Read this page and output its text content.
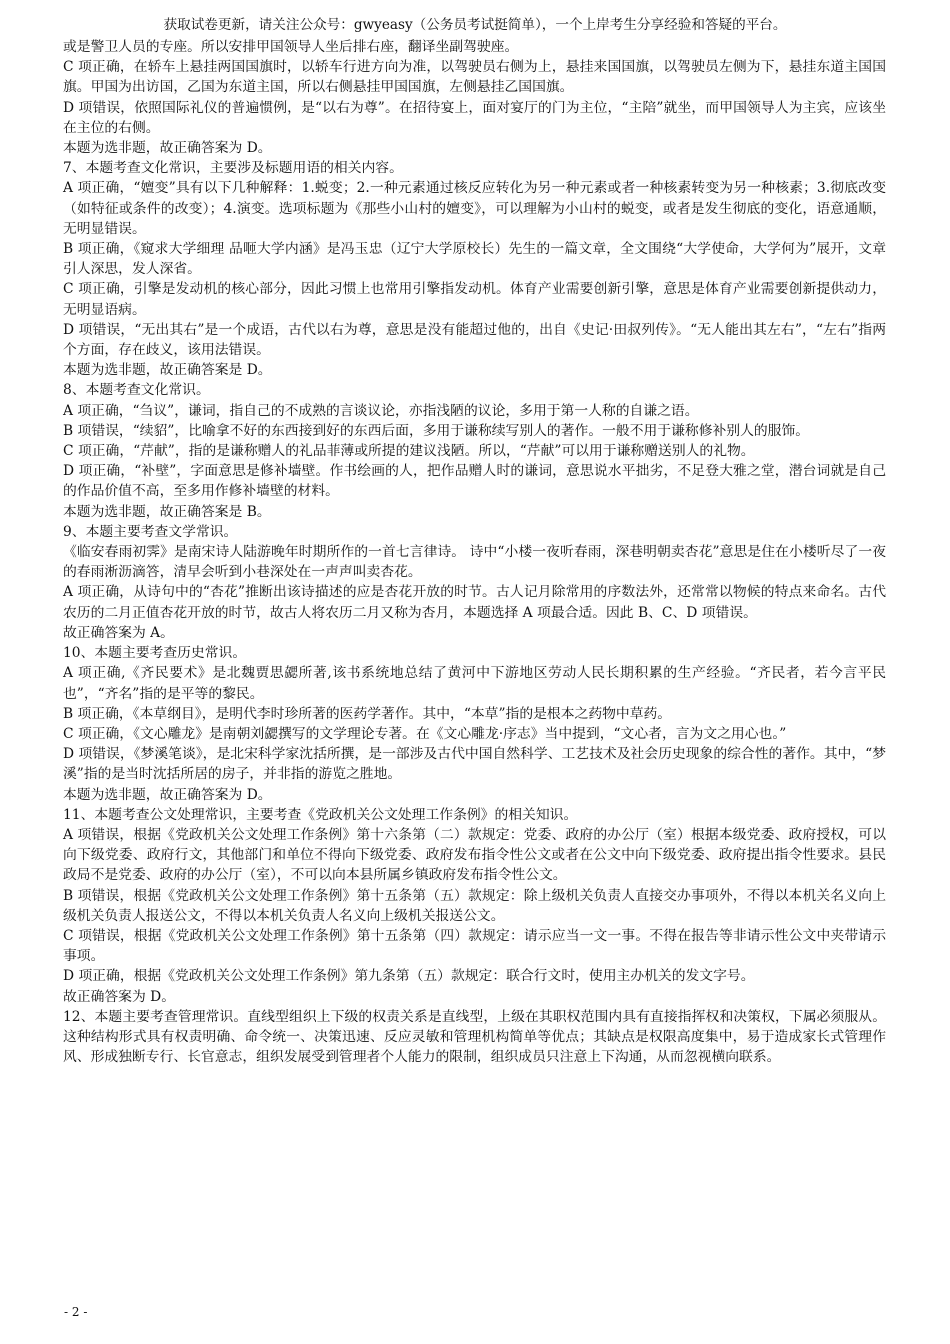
获取试卷更新，请关注公众号：gwyeasy（公务员考试挺简单），一个上岸考生分享经验和答疑的平台。

或是警卫人员的专座。所以安排甲国领导人坐后排右座，翻译坐副驾驶座。

C 项正确，在轿车上悬挂两国国旗时，以轿车行进方向为准，以驾驶员右侧为上，悬挂来国国旗，以驾驶员左侧为下，悬挂东道主国国旗。甲国为出访国，乙国为东道主国，所以右侧悬挂甲国国旗，左侧悬挂乙国国旗。

D 项错误，依照国际礼仪的普遍惯例，是“以右为尊”。在招待宴上，面对宴厅的门为主位，“主陪”就坐，而甲国领导人为主宾，应该坐在主位的右侧。

本题为选非题，故正确答案为 D。

7、本题考查文化常识，主要涉及标题用语的相关内容。

A 项正确，“嬗变”具有以下几种解释：1.蜕变；2.一种元素通过核反应转化为另一种元素或者一种核素转变为另一种核素；3.彻底改变（如特征或条件的改变）；4.演变。选项标题为《那些小山村的嬗变》，可以理解为小山村的蜕变，或者是发生彻底的变化，语意通顺，无明显错误。

B 项正确，《窥求大学细理 品咂大学内涵》是冯玉忠（辽宁大学原校长）先生的一篇文章，全文围绕“大学使命，大学何为”展开，文章引人深思，发人深省。

C 项正确，引擎是发动机的核心部分，因此习惯上也常用引擎指发动机。体育产业需要创新引擎，意思是体育产业需要创新提供动力，无明显语病。

D 项错误，“无出其右”是一个成语，古代以右为尊，意思是没有能超过他的，出自《史记·田叔列传》。“无人能出其左右”，“左右”指两个方面，存在歧义，该用法错误。

本题为选非题，故正确答案是 D。

8、本题考查文化常识。

A 项正确，“刍议”，谦词，指自己的不成熟的言谈议论，亦指浅陋的议论，多用于第一人称的自谦之语。

B 项错误，“续貂”，比喻拿不好的东西接到好的东西后面，多用于谦称续写别人的著作。一般不用于谦称修补别人的服饰。

C 项正确，“芹献”，指的是谦称赠人的礼品菲薄或所提的建议浅陋。所以，“芹献”可以用于谦称赠送别人的礼物。

D 项正确，“补壁”，字面意思是修补墙壁。作书绘画的人，把作品赠人时的谦词，意思说水平拙劣，不足登大雅之堂，潜台词就是自己的作品价值不高，至多用作修补墙壁的材料。

本题为选非题，故正确答案是 B。

9、本题主要考查文学常识。

《临安春雨初霁》是南宋诗人陆游晚年时期所作的一首七言律诗。 诗中“小楼一夜听春雨，深巷明朝卖杏花”意思是住在小楼听尽了一夜的春雨淅沥滴答，清早会听到小巷深处在一声声叫卖杏花。

A 项正确，从诗句中的“杏花”推断出该诗描述的应是杏花开放的时节。古人记月除常用的序数法外，还常常以物候的特点来命名。古代农历的二月正值杏花开放的时节，故古人将农历二月又称为杏月，本题选择 A 项最合适。因此 B、C、D 项错误。

故正确答案为 A。

10、本题主要考查历史常识。

A 项正确,《齐民要术》是北魏贾思勰所著,该书系统地总结了黄河中下游地区劳动人民长期积累的生产经验。“齐民者，若今言平民也”，“齐名”指的是平等的黎民。

B 项正确，《本草纲目》，是明代李时珍所著的医药学著作。其中，“本草”指的是根本之药物中草药。

C 项正确，《文心雕龙》是南朝刘勰撰写的文学理论专著。在《文心雕龙·序志》当中提到，“文心者，言为文之用心也。”

D 项错误，《梦溪笔谈》，是北宋科学家沈括所撰，是一部涉及古代中国自然科学、工艺技术及社会历史现象的综合性的著作。其中，“梦溪”指的是当时沈括所居的房子，并非指的游览之胜地。

本题为选非题，故正确答案为 D。

11、本题考查公文处理常识，主要考查《党政机关公文处理工作条例》的相关知识。

A 项错误，根据《党政机关公文处理工作条例》第十六条第（二）款规定：党委、政府的办公厅（室）根据本级党委、政府授权，可以向下级党委、政府行文，其他部门和单位不得向下级党委、政府发布指令性公文或者在公文中向下级党委、政府提出指令性要求。县民政局不是党委、政府的办公厅（室），不可以向本县所属乡镇政府发布指令性公文。

B 项错误，根据《党政机关公文处理工作条例》第十五条第（五）款规定：除上级机关负责人直接交办事项外，不得以本机关名义向上级机关负责人报送公文，不得以本机关负责人名义向上级机关报送公文。

C 项错误，根据《党政机关公文处理工作条例》第十五条第（四）款规定：请示应当一文一事。不得在报告等非请示性公文中夹带请示事项。

D 项正确，根据《党政机关公文处理工作条例》第九条第（五）款规定：联合行文时，使用主办机关的发文字号。

故正确答案为 D。

12、本题主要考查管理常识。直线型组织上下级的权责关系是直线型，上级在其职权范围内具有直接指挥权和决策权，下属必须服从。这种结构形式具有权责明确、命令统一、决策迅速、反应灵敏和管理机构简单等优点；其缺点是权限高度集中，易于造成家长式管理作风、形成独断专行、长官意志，组织发展受到管理者个人能力的限制，组织成员只注意上下沟通，从而忽视横向联系。

- 2 -
